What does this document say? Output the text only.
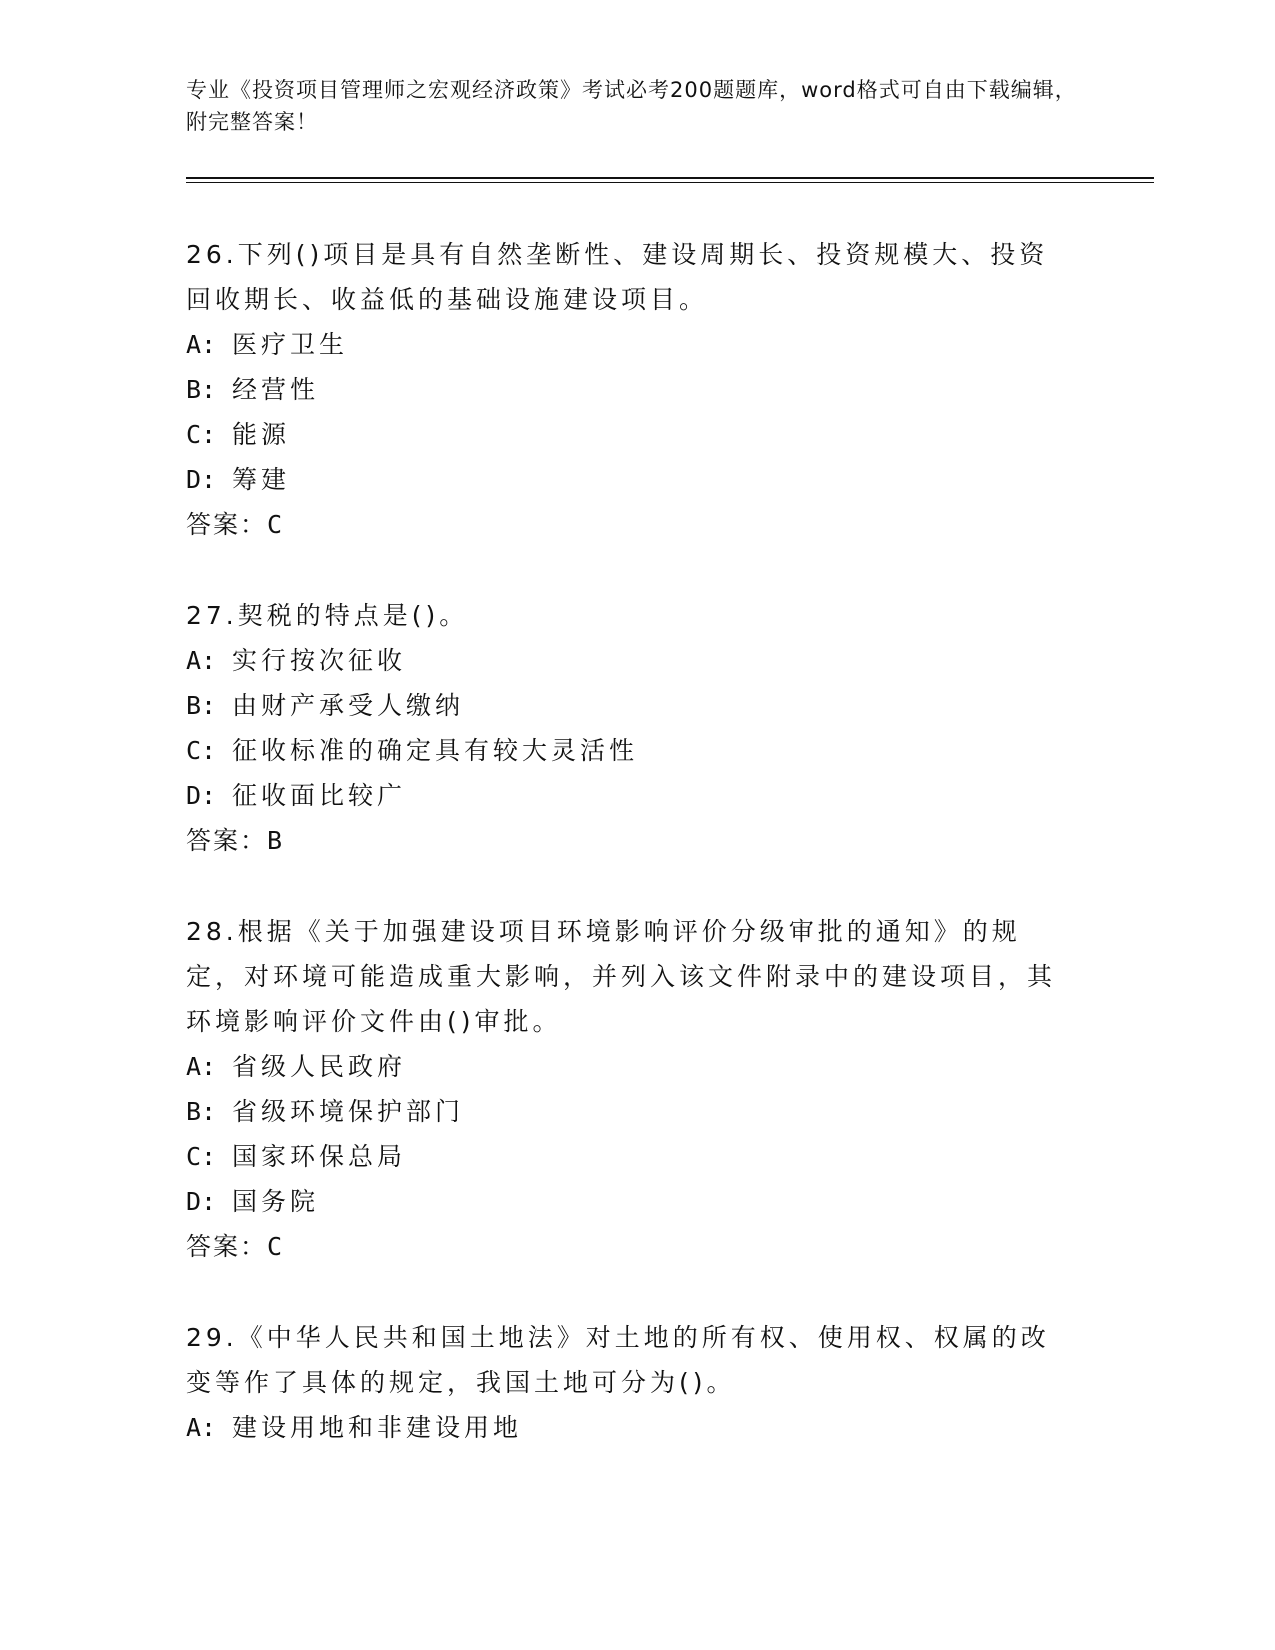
专业《投资项目管理师之宏观经济政策》考试必考200题题库，word格式可自由下载编辑，附完整答案！
26.下列()项目是具有自然垄断性、建设周期长、投资规模大、投资回收期长、收益低的基础设施建设项目。
A: 医疗卫生
B: 经营性
C: 能源
D: 筹建
答案：C
27.契税的特点是()。
A: 实行按次征收
B: 由财产承受人缴纳
C: 征收标准的确定具有较大灵活性
D: 征收面比较广
答案：B
28.根据《关于加强建设项目环境影响评价分级审批的通知》的规定，对环境可能造成重大影响，并列入该文件附录中的建设项目，其环境影响评价文件由()审批。
A: 省级人民政府
B: 省级环境保护部门
C: 国家环保总局
D: 国务院
答案：C
29.《中华人民共和国土地法》对土地的所有权、使用权、权属的改变等作了具体的规定，我国土地可分为()。
A: 建设用地和非建设用地
